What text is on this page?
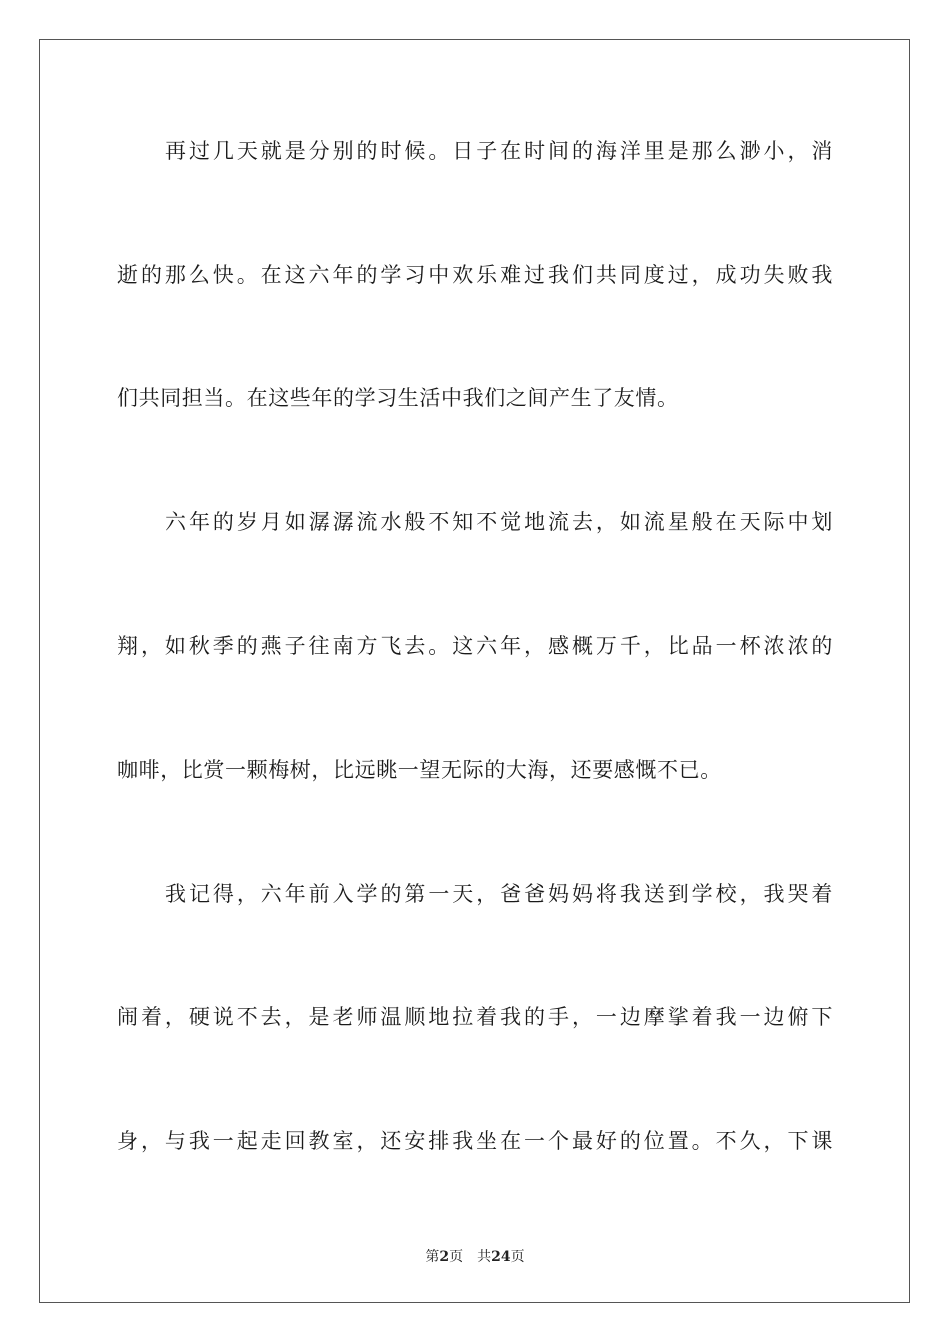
再过几天就是分别的时候。日子在时间的海洋里是那么渺小，消
逝的那么快。在这六年的学习中欢乐难过我们共同度过，成功失败我
们共同担当。在这些年的学习生活中我们之间产生了友情。
六年的岁月如潺潺流水般不知不觉地流去，如流星般在天际中划
翔，如秋季的燕子往南方飞去。这六年，感概万千，比品一杯浓浓的
咖啡，比赏一颗梅树，比远眺一望无际的大海，还要感慨不已。
我记得，六年前入学的第一天，爸爸妈妈将我送到学校，我哭着
闹着，硬说不去，是老师温顺地拉着我的手，一边摩挲着我一边俯下
身，与我一起走回教室，还安排我坐在一个最好的位置。不久，下课
第2页 共24页
